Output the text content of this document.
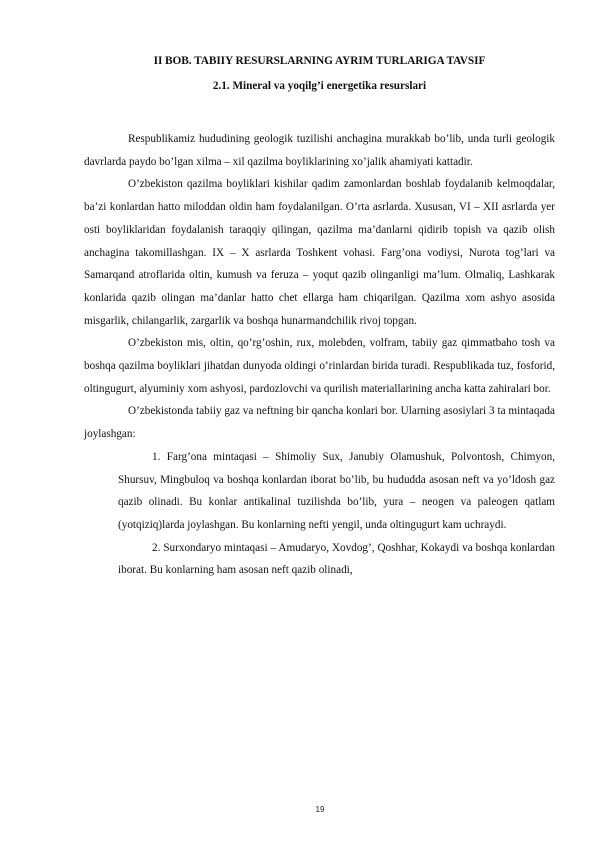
II BOB. TABIIY RESURSLARNING AYRIM TURLARIGA TAVSIF
2.1. Mineral va yoqilg’i energetika resurslari

Respublikamiz hududining geologik tuzilishi anchagina murakkab bo’lib, unda turli geologik davrlarda paydo bo’lgan xilma – xil qazilma boyliklarining xo’jalik ahamiyati kattadir.

O’zbekiston qazilma boyliklari kishilar qadim zamonlardan boshlab foydalanib kelmoqdalar, ba’zi konlardan hatto miloddan oldin ham foydalanilgan. O’rta asrlarda. Xususan, VI – XII asrlarda yer osti boyliklaridan foydalanish taraqqiy qilingan, qazilma ma’danlarni qidirib topish va qazib olish anchagina takomillashgan. IX – X asrlarda Toshkent vohasi. Farg’ona vodiysi, Nurota tog’lari va Samarqand atroflarida oltin, kumush va feruza – yoqut qazib olinganligi ma’lum. Olmaliq, Lashkarak konlarida qazib olingan ma’danlar hatto chet ellarga ham chiqarilgan. Qazilma xom ashyo asosida misgarlik, chilangarlik, zargarlik va boshqa hunarmandchilik rivoj topgan.

O’zbekiston mis, oltin, qo’rg’oshin, rux, molebden, volfram, tabiiy gaz qimmatbaho tosh va boshqa qazilma boyliklari jihatdan dunyoda oldingi o’rinlardan birida turadi. Respublikada tuz, fosforid, oltingugurt, alyuminiy xom ashyosi, pardozlovchi va qurilish materiallarining ancha katta zahiralari bor.

O’zbekistonda tabiiy gaz va neftning bir qancha konlari bor. Ularning asosiylari 3 ta mintaqada joylashgan:

1. Farg’ona mintaqasi – Shimoliy Sux, Janubiy Olamushuk, Polvontosh, Chimyon, Shursuv, Mingbuloq va boshqa konlardan iborat bo’lib, bu hududda asosan neft va yo’ldosh gaz qazib olinadi. Bu konlar antikalinal tuzilishda bo’lib, yura – neogen va paleogen qatlam (yotqiziq)larda joylashgan. Bu konlarning nefti yengil, unda oltingugurt kam uchraydi.
2. Surxondaryo mintaqasi – Amudaryo, Xovdog’, Qoshhar, Kokaydi va boshqa konlardan iborat. Bu konlarning ham asosan neft qazib olinadi,
19
